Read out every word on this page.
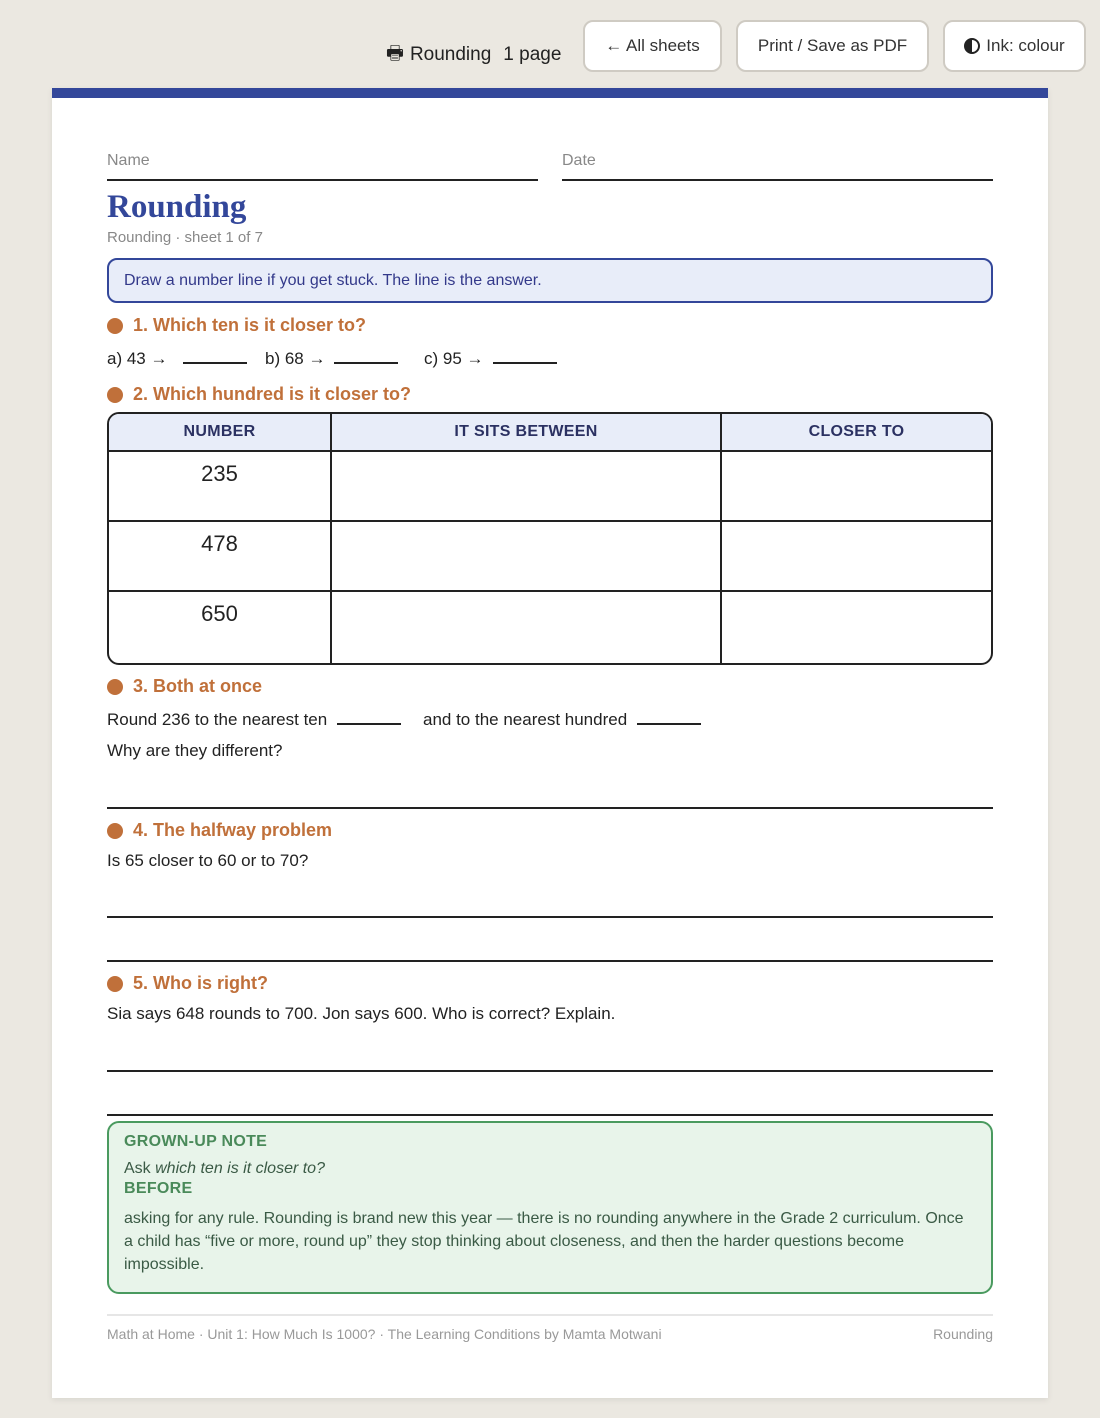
🖶 Rounding 1 page	← All sheets	Print / Save as PDF	Ink: colour
Name	Date
Rounding
Rounding · sheet 1 of 7
Draw a number line if you get stuck. The line is the answer.
1. Which ten is it closer to?
a) 43 →	b) 68 →	c) 95 →
2. Which hundred is it closer to?
NUMBER	IT SITS BETWEEN	CLOSER TO
235
478
650
3. Both at once
Round 236 to the nearest ten	and to the nearest hundred
Why are they different?
4. The halfway problem
Is 65 closer to 60 or to 70?
5. Who is right?
Sia says 648 rounds to 700. Jon says 600. Who is correct? Explain.
GROWN-UP NOTE
Ask which ten is it closer to?
BEFORE
asking for any rule. Rounding is brand new this year — there is no rounding anywhere in the Grade 2 curriculum. Once a child has “five or more, round up” they stop thinking about closeness, and then the harder questions become impossible.
Math at Home · Unit 1: How Much Is 1000? · The Learning Conditions by Mamta Motwani	Rounding
